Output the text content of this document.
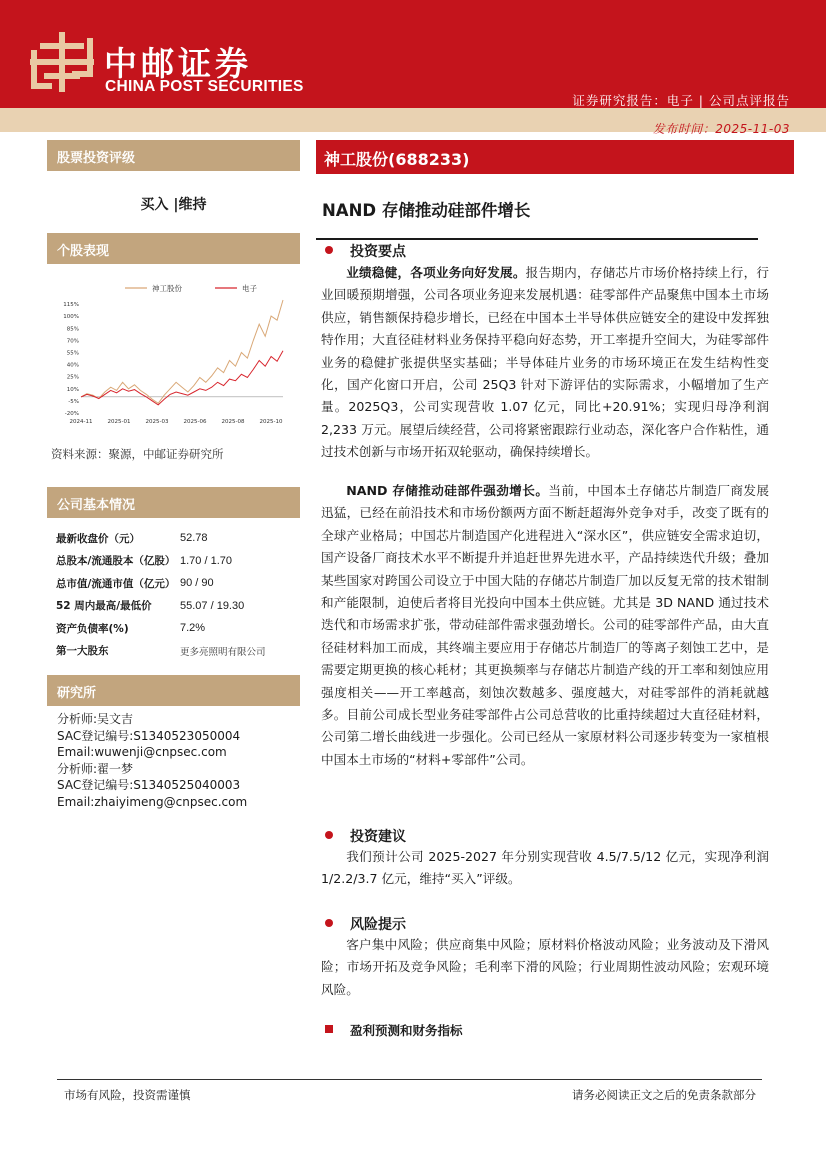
中邮证券
CHINA POST SECURITIES
证券研究报告：电子 | 公司点评报告
发布时间：2025-11-03
股票投资评级
买入 |维持
个股表现
神工股份	电子
115%
100%
85%
70%
55%
40%
25%
10%
-5%
-20%
2024-11	2025-01	2025-03	2025-06	2025-08	2025-10
资料来源：聚源，中邮证券研究所
公司基本情况
最新收盘价（元）	52.78
总股本/流通股本（亿股） 1.70 / 1.70
总市值/流通市值（亿元） 90 / 90
52 周内最高/最低价	55.07 / 19.30
资产负债率(%)	7.2%
第一大股东	更多亮照明有限公司
研究所
分析师:吴文吉
SAC登记编号:S1340523050004
Email:wuwenji@cnpsec.com
分析师:翟一梦
SAC登记编号:S1340525040003
Email:zhaiyimeng@cnpsec.com
神工股份(688233)
NAND 存储推动硅部件增长
投资要点
业绩稳健，各项业务向好发展。报告期内，存储芯片市场价格持续上行，行业回暖预期增强，公司各项业务迎来发展机遇：硅零部件产品聚焦中国本土市场供应，销售额保持稳步增长，已经在中国本土半导体供应链安全的建设中发挥独特作用；大直径硅材料业务保持平稳向好态势，开工率提升空间大，为硅零部件业务的稳健扩张提供坚实基础；半导体硅片业务的市场环境正在发生结构性变化，国产化窗口开启，公司 25Q3 针对下游评估的实际需求，小幅增加了生产量。2025Q3，公司实现营收 1.07 亿元，同比+20.91%；实现归母净利润 2,233 万元。展望后续经营，公司将紧密跟踪行业动态，深化客户合作粘性，通过技术创新与市场开拓双轮驱动，确保持续增长。
NAND 存储推动硅部件强劲增长。当前，中国本土存储芯片制造厂商发展迅猛，已经在前沿技术和市场份额两方面不断赶超海外竞争对手，改变了既有的全球产业格局；中国芯片制造国产化进程进入“深水区”，供应链安全需求迫切，国产设备厂商技术水平不断提升并追赶世界先进水平，产品持续迭代升级；叠加某些国家对跨国公司设立于中国大陆的存储芯片制造厂加以反复无常的技术钳制和产能限制，迫使后者将目光投向中国本土供应链。尤其是 3D NAND 通过技术迭代和市场需求扩张，带动硅部件需求强劲增长。公司的硅零部件产品，由大直径硅材料加工而成，其终端主要应用于存储芯片制造厂的等离子刻蚀工艺中，是需要定期更换的核心耗材；其更换频率与存储芯片制造产线的开工率和刻蚀应用强度相关——开工率越高，刻蚀次数越多、强度越大，对硅零部件的消耗就越多。目前公司成长型业务硅零部件占公司总营收的比重持续超过大直径硅材料，公司第二增长曲线进一步强化。公司已经从一家原材料公司逐步转变为一家植根中国本土市场的“材料+零部件”公司。
投资建议
我们预计公司 2025-2027 年分别实现营收 4.5/7.5/12 亿元，实现净利润 1/2.2/3.7 亿元，维持“买入”评级。
风险提示
客户集中风险；供应商集中风险；原材料价格波动风险；业务波动及下滑风险；市场开拓及竞争风险；毛利率下滑的风险；行业周期性波动风险；宏观环境风险。
盈利预测和财务指标
市场有风险，投资需谨慎	请务必阅读正文之后的免责条款部分
